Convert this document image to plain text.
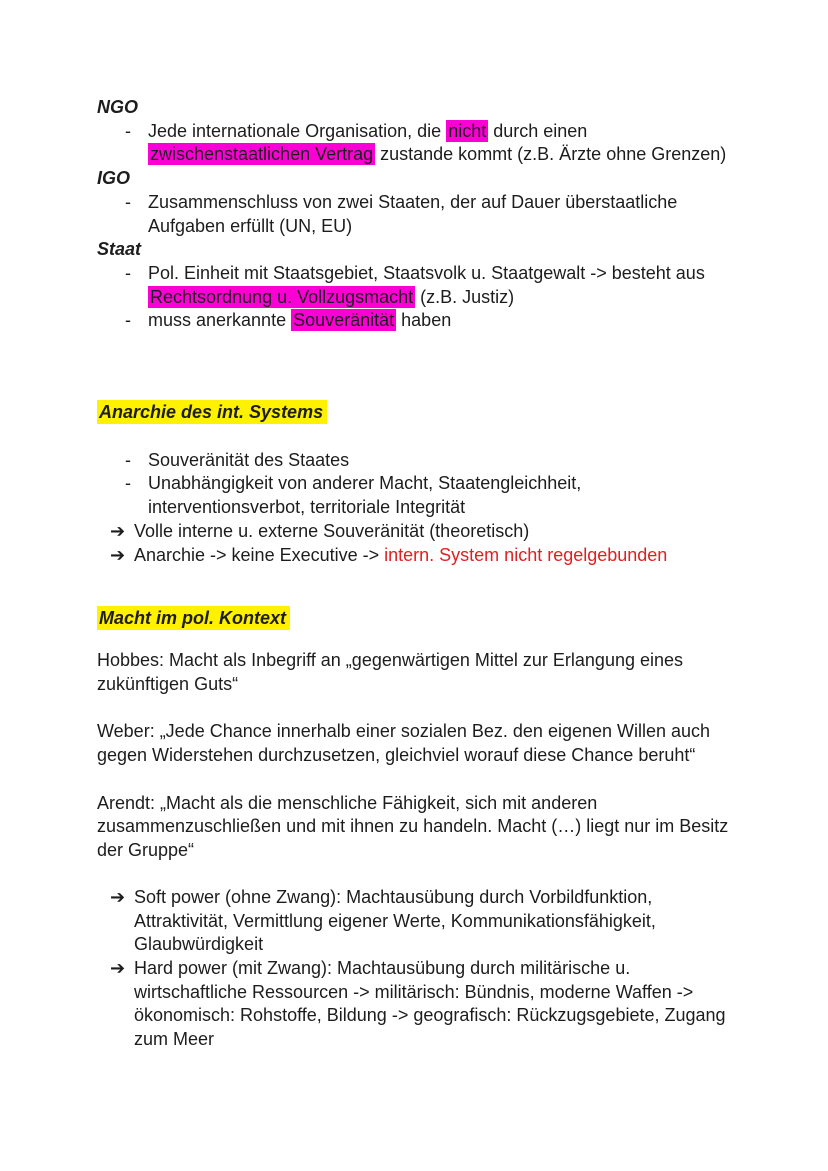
NGO
- Jede internationale Organisation, die nicht durch einen
zwischenstaatlichen Vertrag zustande kommt (z.B. Ärzte ohne Grenzen)
IGO
- Zusammenschluss von zwei Staaten, der auf Dauer überstaatliche
Aufgaben erfüllt (UN, EU)
Staat
- Pol. Einheit mit Staatsgebiet, Staatsvolk u. Staatgewalt -> besteht aus
Rechtsordnung u. Vollzugsmacht (z.B. Justiz)
- muss anerkannte Souveränität haben
Anarchie des int. Systems
- Souveränität des Staates
- Unabhängigkeit von anderer Macht, Staatengleichheit,
interventionsverbot, territoriale Integrität
➔ Volle interne u. externe Souveränität (theoretisch)
➔ Anarchie -> keine Executive -> intern. System nicht regelgebunden
Macht im pol. Kontext
Hobbes: Macht als Inbegriff an „gegenwärtigen Mittel zur Erlangung eines
zukünftigen Guts“
Weber: „Jede Chance innerhalb einer sozialen Bez. den eigenen Willen auch
gegen Widerstehen durchzusetzen, gleichviel worauf diese Chance beruht“
Arendt: „Macht als die menschliche Fähigkeit, sich mit anderen
zusammenzuschließen und mit ihnen zu handeln. Macht (…) liegt nur im Besitz
der Gruppe“
➔ Soft power (ohne Zwang): Machtausübung durch Vorbildfunktion,
Attraktivität, Vermittlung eigener Werte, Kommunikationsfähigkeit,
Glaubwürdigkeit
➔ Hard power (mit Zwang): Machtausübung durch militärische u.
wirtschaftliche Ressourcen -> militärisch: Bündnis, moderne Waffen ->
ökonomisch: Rohstoffe, Bildung -> geografisch: Rückzugsgebiete, Zugang
zum Meer
